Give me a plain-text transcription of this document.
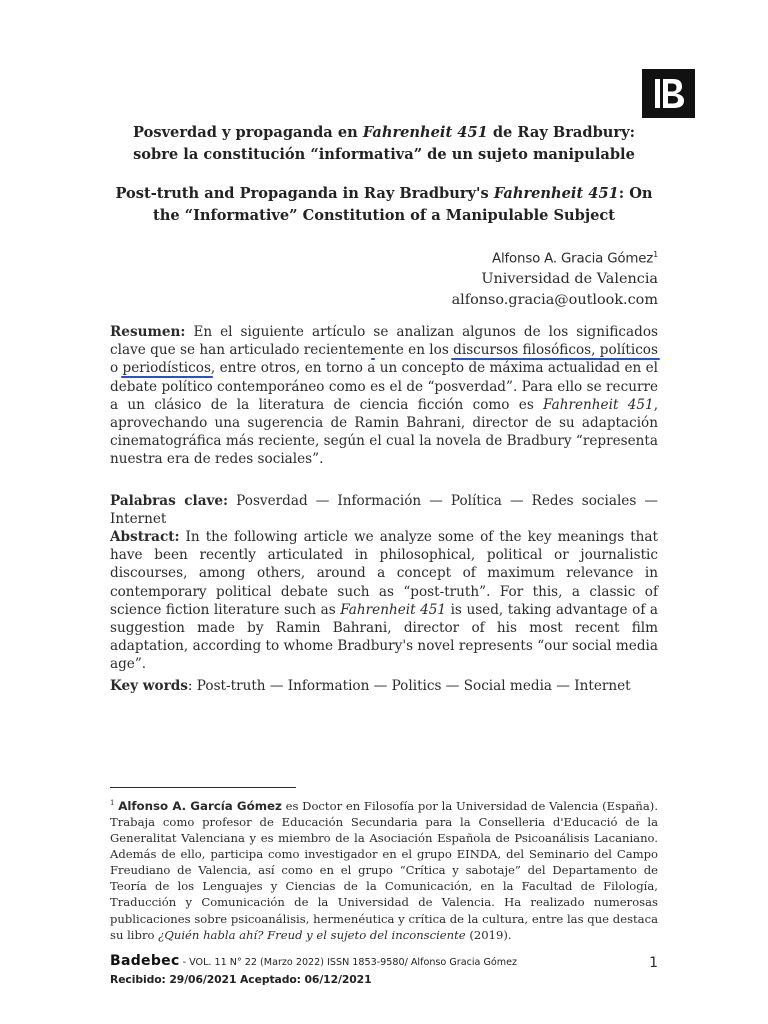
Posverdad y propaganda en Fahrenheit 451 de Ray Bradbury: sobre la constitución “informativa” de un sujeto manipulable
Post-truth and Propaganda in Ray Bradbury's Fahrenheit 451: On the “Informative” Constitution of a Manipulable Subject
Alfonso A. Gracia Gómez$^1$
Universidad de Valencia
alfonso.gracia@outlook.com
Resumen: En el siguiente artículo se analizan algunos de los significados clave que se han articulado recientemente en los discursos filosóficos, políticos o periodísticos, entre otros, en torno a un concepto de máxima actualidad en el debate político contemporáneo como es el de “posverdad”. Para ello se recurre a un clásico de la literatura de ciencia ficción como es Fahrenheit 451, aprovechando una sugerencia de Ramin Bahrani, director de su adaptación cinematográfica más reciente, según el cual la novela de Bradbury “representa nuestra era de redes sociales”.
Palabras clave: Posverdad — Información — Política — Redes sociales — Internet
Abstract: In the following article we analyze some of the key meanings that have been recently articulated in philosophical, political or journalistic discourses, among others, around a concept of maximum relevance in contemporary political debate such as “post-truth”. For this, a classic of science fiction literature such as Fahrenheit 451 is used, taking advantage of a suggestion made by Ramin Bahrani, director of his most recent film adaptation, according to whome Bradbury's novel represents “our social media age”.
Key words: Post-truth — Information — Politics — Social media — Internet
$^1$ Alfonso A. García Gómez es Doctor en Filosofía por la Universidad de Valencia (España). Trabaja como profesor de Educación Secundaria para la Conselleria d'Educació de la Generalitat Valenciana y es miembro de la Asociación Española de Psicoanálisis Lacaniano. Además de ello, participa como investigador en el grupo EINDA, del Seminario del Campo Freudiano de Valencia, así como en el grupo “Crítica y sabotaje” del Departamento de Teoría de los Lenguajes y Ciencias de la Comunicación, en la Facultad de Filología, Traducción y Comunicación de la Universidad de Valencia. Ha realizado numerosas publicaciones sobre psicoanálisis, hermenéutica y crítica de la cultura, entre las que destaca su libro ¿Quién habla ahí? Freud y el sujeto del inconsciente (2019).
Badebec - VOL. 11 N° 22 (Marzo 2022) ISSN 1853-9580/ Alfonso Gracia Gómez	1
Recibido: 29/06/2021 Aceptado: 06/12/2021
